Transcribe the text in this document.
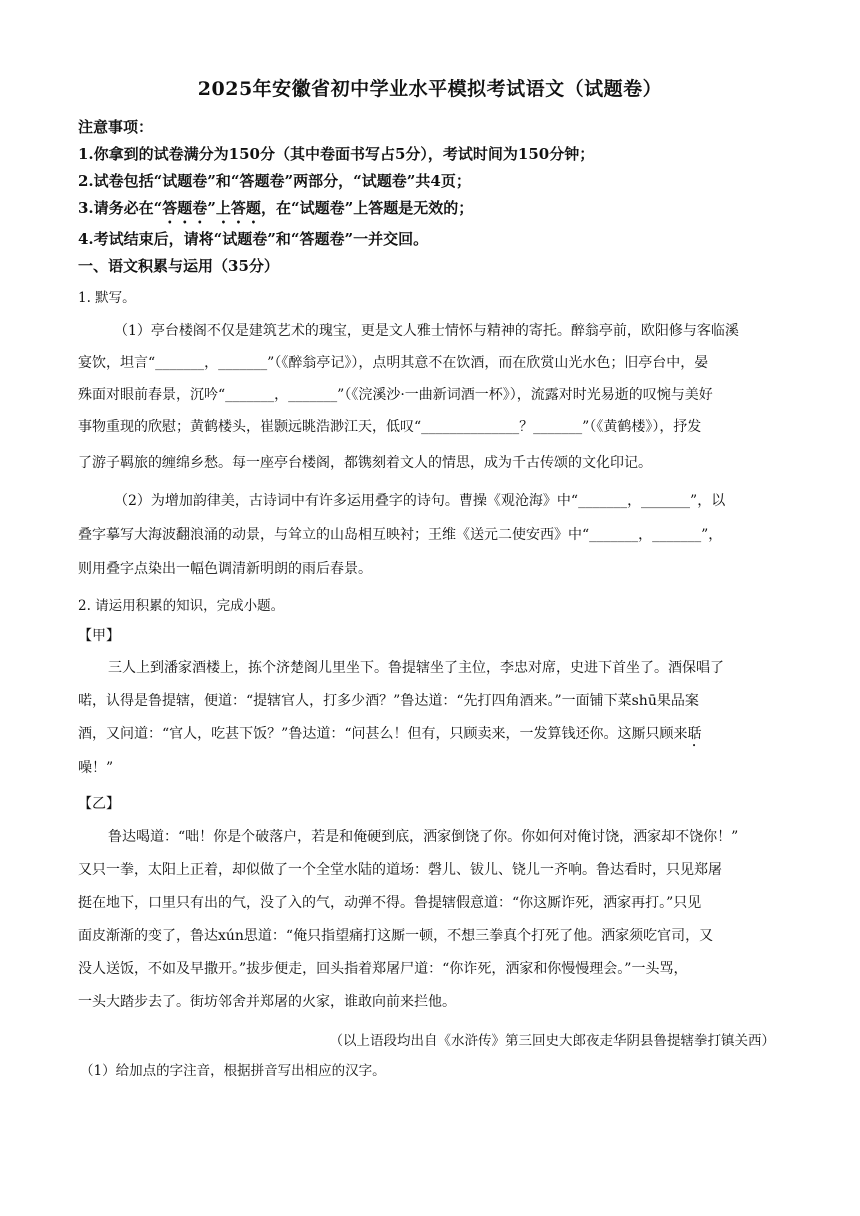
2025年安徽省初中学业水平模拟考试语文（试题卷）
注意事项：
1.你拿到的试卷满分为150分（其中卷面书写占5分），考试时间为150分钟；
2.试卷包括“试题卷”和“答题卷”两部分，“试题卷”共4页；
3.请务必在“答题卷”上答题，在“试题卷”上答题是无效的；
4.考试结束后，请将“试题卷”和“答题卷”一并交回。
一、语文积累与运用（35分）
1. 默写。
（1）亭台楼阁不仅是建筑艺术的瑰宝，更是文人雅士情怀与精神的寄托。醉翁亭前，欧阳修与客临溪
宴饮，坦言“_______，_______”（《醉翁亭记》），点明其意不在饮酒，而在欣赏山光水色；旧亭台中，晏
殊面对眼前春景，沉吟“_______，_______”（《浣溪沙·一曲新词酒一杯》），流露对时光易逝的叹惋与美好
事物重现的欣慰；黄鹤楼头，崔颢远眺浩渺江天，低叹“______________？_______”（《黄鹤楼》），抒发
了游子羁旅的缠绵乡愁。每一座亭台楼阁，都镌刻着文人的情思，成为千古传颂的文化印记。
（2）为增加韵律美，古诗词中有许多运用叠字的诗句。曹操《观沧海》中“_______，_______”，以
叠字摹写大海波翻浪涌的动景，与耸立的山岛相互映衬；王维《送元二使安西》中“_______，_______”，
则用叠字点染出一幅色调清新明朗的雨后春景。
2. 请运用积累的知识，完成小题。
【甲】
三人上到潘家酒楼上，拣个济楚阁儿里坐下。鲁提辖坐了主位，李忠对席，史进下首坐了。酒保唱了
喏，认得是鲁提辖，便道：“提辖官人，打多少酒？”鲁达道：“先打四角酒来。”一面铺下菜shū果品案
酒，又问道：“官人，吃甚下饭？”鲁达道：“问甚么！但有，只顾卖来，一发算钱还你。这厮只顾来聒
噪！”
【乙】
鲁达喝道：“咄！你是个破落户，若是和俺硬到底，洒家倒饶了你。你如何对俺讨饶，洒家却不饶你！”
又只一拳，太阳上正着，却似做了一个全堂水陆的道场：磬儿、钹儿、铙儿一齐响。鲁达看时，只见郑屠
挺在地下，口里只有出的气，没了入的气，动弹不得。鲁提辖假意道：“你这厮诈死，洒家再打。”只见
面皮渐渐的变了，鲁达xún思道：“俺只指望痛打这厮一顿，不想三拳真个打死了他。洒家须吃官司，又
没人送饭，不如及早撒开。”拔步便走，回头指着郑屠尸道：“你诈死，洒家和你慢慢理会。”一头骂，
一头大踏步去了。街坊邻舍并郑屠的火家，谁敢向前来拦他。
（以上语段均出自《水浒传》第三回史大郎夜走华阴县鲁提辖拳打镇关西）
（1）给加点的字注音，根据拼音写出相应的汉字。
